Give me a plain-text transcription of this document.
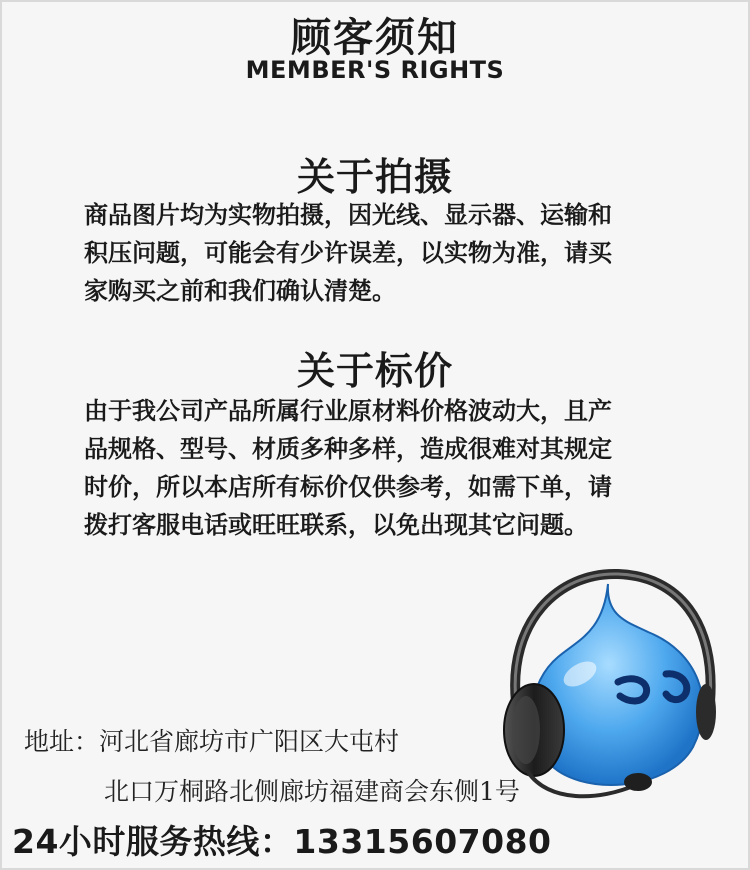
顾客须知
MEMBER'S RIGHTS
关于拍摄
商品图片均为实物拍摄，因光线、显示器、运输和
积压问题，可能会有少许误差，以实物为准，请买
家购买之前和我们确认清楚。
关于标价
由于我公司产品所属行业原材料价格波动大，且产
品规格、型号、材质多种多样，造成很难对其规定
时价，所以本店所有标价仅供参考，如需下单，请
拨打客服电话或旺旺联系，以免出现其它问题。
地址：河北省廊坊市广阳区大屯村
北口万桐路北侧廊坊福建商会东侧1号
24小时服务热线：13315607080
